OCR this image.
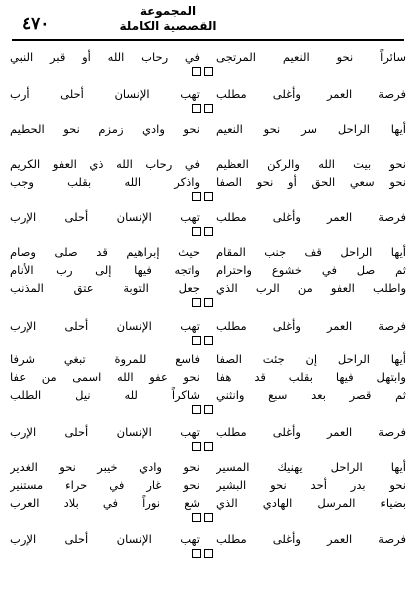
٤٧٠
المجموعة
القصصية الكاملة
سائراً نحو النعيم المرتجى
في رحاب الله أو قبر النبي
فرصة العمر وأغلى مطلب
تهب الإنسان أحلى أرب
أيها الراحل سر نحو النعيم
نحو وادي زمزم نحو الحطيم
نحو بيت الله والركن العظيم
في رحاب الله ذي العفو الكريم
نحو سعي الحق أو نحو الصفا
واذكر الله بقلب وجب
فرصة العمر وأغلى مطلب
تهب الإنسان أحلى الإرب
أيها الراحل قف جنب المقام
حيث إبراهيم قد صلى وصام
ثم صل في خشوع واحترام
واتجه فيها إلى رب الأنام
واطلب العفو من الرب الذي
جعل التوبة عتق المذنب
فرصة العمر وأغلى مطلب
تهب الإنسان أحلى الإرب
أيها الراحل إن جئت الصفا
فاسع للمروة تبغي شرفا
وابتهل فيها بقلب قد هفا
نحو عفو الله اسمى من عفا
ثم قصر بعد سبع وانثني
شاكراً لله نيل الطلب
فرصة العمر وأغلى مطلب
تهب الإنسان أحلى الإرب
أيها الراحل يهنيك المسير
نحو وادي خيبر نحو الغدير
نحو بدر أحد نحو البشير
نحو غار في حراء مستنير
بضياء المرسل الهادي الذي
شع نوراً في بلاد العرب
فرصة العمر وأغلى مطلب
تهب الإنسان أحلى الإرب
